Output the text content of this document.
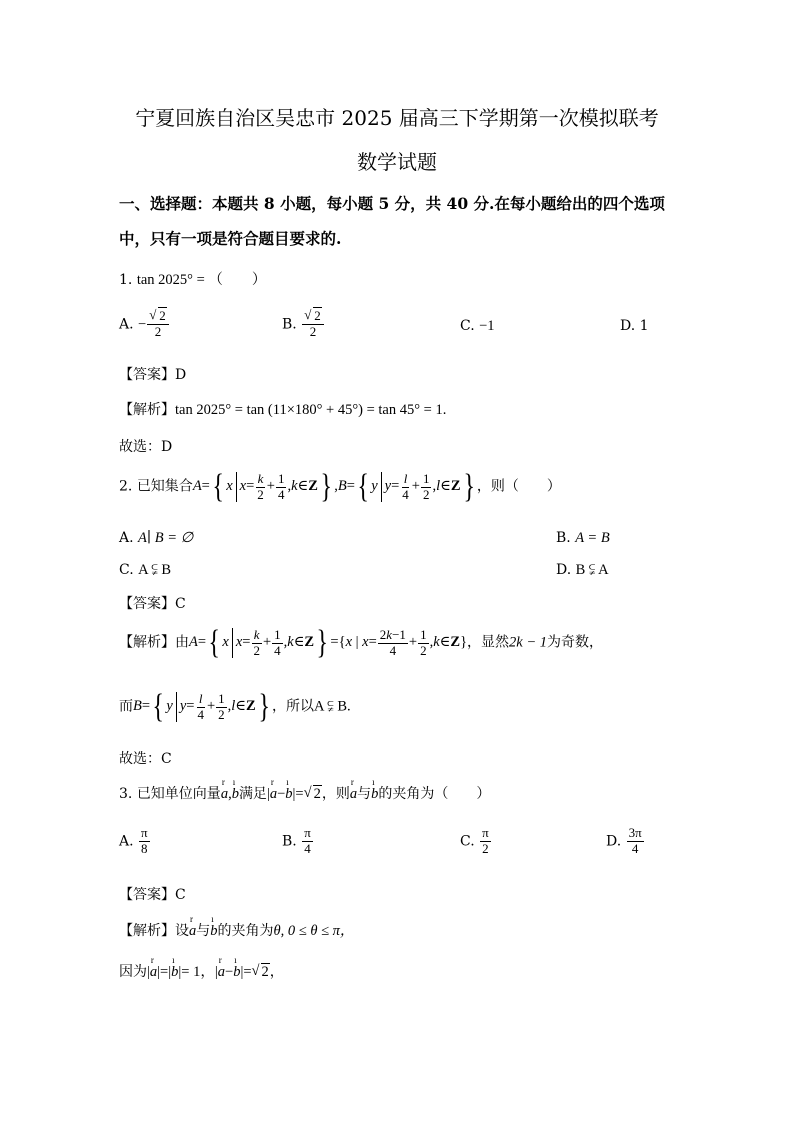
宁夏回族自治区吴忠市 2025 届高三下学期第一次模拟联考
数学试题
一、选择题：本题共 8 小题，每小题 5 分，共 40 分.在每小题给出的四个选项
中，只有一项是符合题目要求的.
1. tan 2025° = （　　）
A. − √ $\frac{2}{2}$	B. √ $\frac{2}{2}$	C. −1	D. 1
【答案】D
【解析】tan 2025° = tan (11×180° + 45°) = tan 45° = 1.
故选：D
2. 已知集合A={ x $x= \frac{k}{2} + \frac{1}{4}$ ,k∈Z} ,B={ y $y= \frac{l}{4} + \frac{1}{2}$ ,l∈Z} ，则（　　）
A. A∣ B = ∅	B. A = B
C. A ⫋ B	D. B ⫋ A
【答案】C
【解析】由A={ x $x= \frac{k}{2} + \frac{1}{4}$ ,k∈Z} ={x | $x= \frac{2k-1}{4} + \frac{1}{2}$ ,k∈Z}，显然2k − 1为奇数，
而B={ y $y= \frac{l}{4} + \frac{1}{2}$ ,l∈Z} ，所以A ⫋ B.
故选：C
3. 已知单位向量r a,ı b满足|r a−ı b|= √ 2，则r a与ı b的夹角为（　　）
A. $\frac{\pi}{8}$	B. $\frac{\pi}{4}$	C. $\frac{\pi}{2}$	D. $\frac{3\pi}{4}$
【答案】C
【解析】设r a与ı b的夹角为θ, 0 ≤ θ ≤ π，
因为|r a|=|ı b|= 1，|r a−ı b|= √ 2，
